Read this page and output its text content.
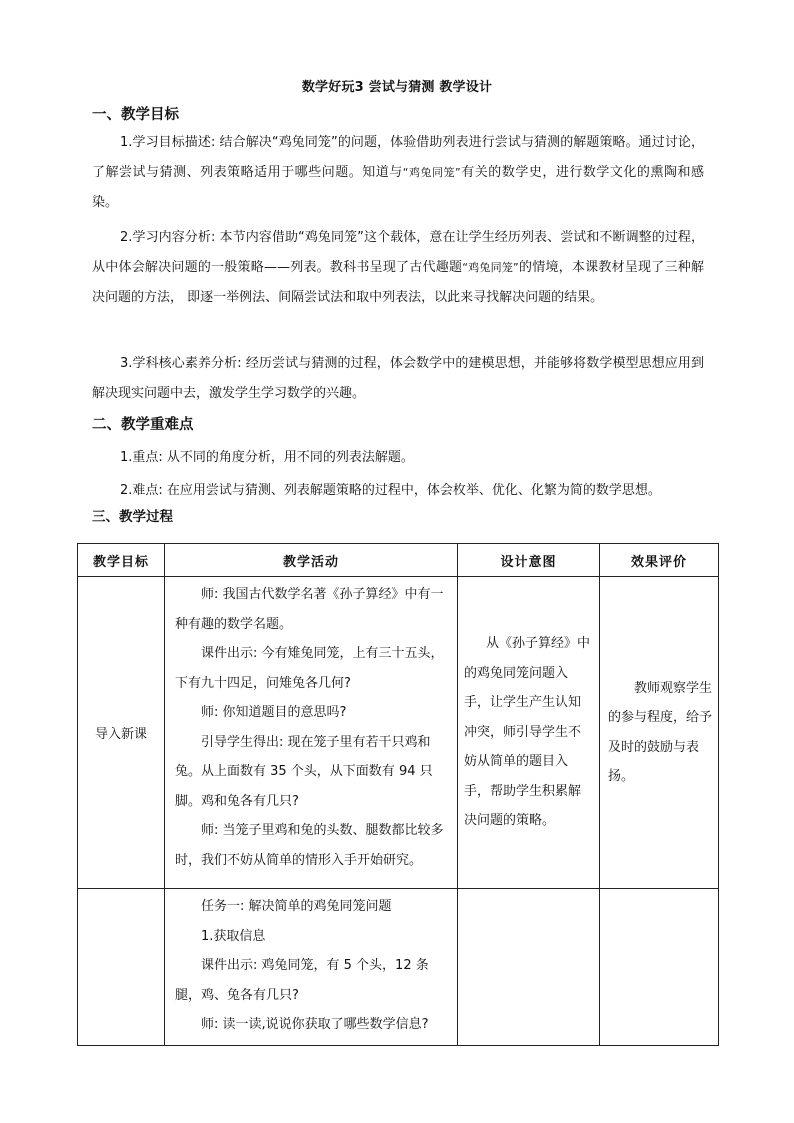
数学好玩3 尝试与猜测 教学设计
一、教学目标

1.学习目标描述: 结合解决“鸡兔同笼”的问题，体验借助列表进行尝试与猜测的解题策略。通过讨论，了解尝试与猜测、列表策略适用于哪些问题。知道与“鸡兔同笼”有关的数学史，进行数学文化的熏陶和感染。

2.学习内容分析: 本节内容借助“鸡兔同笼”这个载体，意在让学生经历列表、尝试和不断调整的过程，从中体会解决问题的一般策略——列表。教科书呈现了古代趣题“鸡兔同笼”的情境，本课教材呈现了三种解决问题的方法， 即逐一举例法、间隔尝试法和取中列表法，以此来寻找解决问题的结果。

3.学科核心素养分析: 经历尝试与猜测的过程，体会数学中的建模思想，并能够将数学模型思想应用到解决现实问题中去，激发学生学习数学的兴趣。

二、教学重难点
1.重点: 从不同的角度分析，用不同的列表法解题。
2.难点: 在应用尝试与猜测、列表解题策略的过程中，体会枚举、优化、化繁为简的数学思想。
三、教学过程
教学目标	教学活动	设计意图	效果评价
导入新课	师: 我国古代数学名著《孙子算经》中有一种有趣的数学名题。

课件出示: 今有雉兔同笼，上有三十五头，下有九十四足，问雉兔各几何?

师: 你知道题目的意思吗?

引导学生得出: 现在笼子里有若干只鸡和兔。从上面数有 35 个头，从下面数有 94 只脚。鸡和兔各有几只?

师: 当笼子里鸡和兔的头数、腿数都比较多时，我们不妨从简单的情形入手开始研究。	从《孙子算经》中的鸡兔同笼问题入手，让学生产生认知冲突，师引导学生不妨从简单的题目入手，帮助学生积累解决问题的策略。	教师观察学生的参与程度，给予及时的鼓励与表扬。

	任务一: 解决简单的鸡兔同笼问题

1.获取信息

课件出示: 鸡兔同笼，有 5 个头，12 条腿，鸡、兔各有几只?

师: 读一读,说说你获取了哪些数学信息?		
